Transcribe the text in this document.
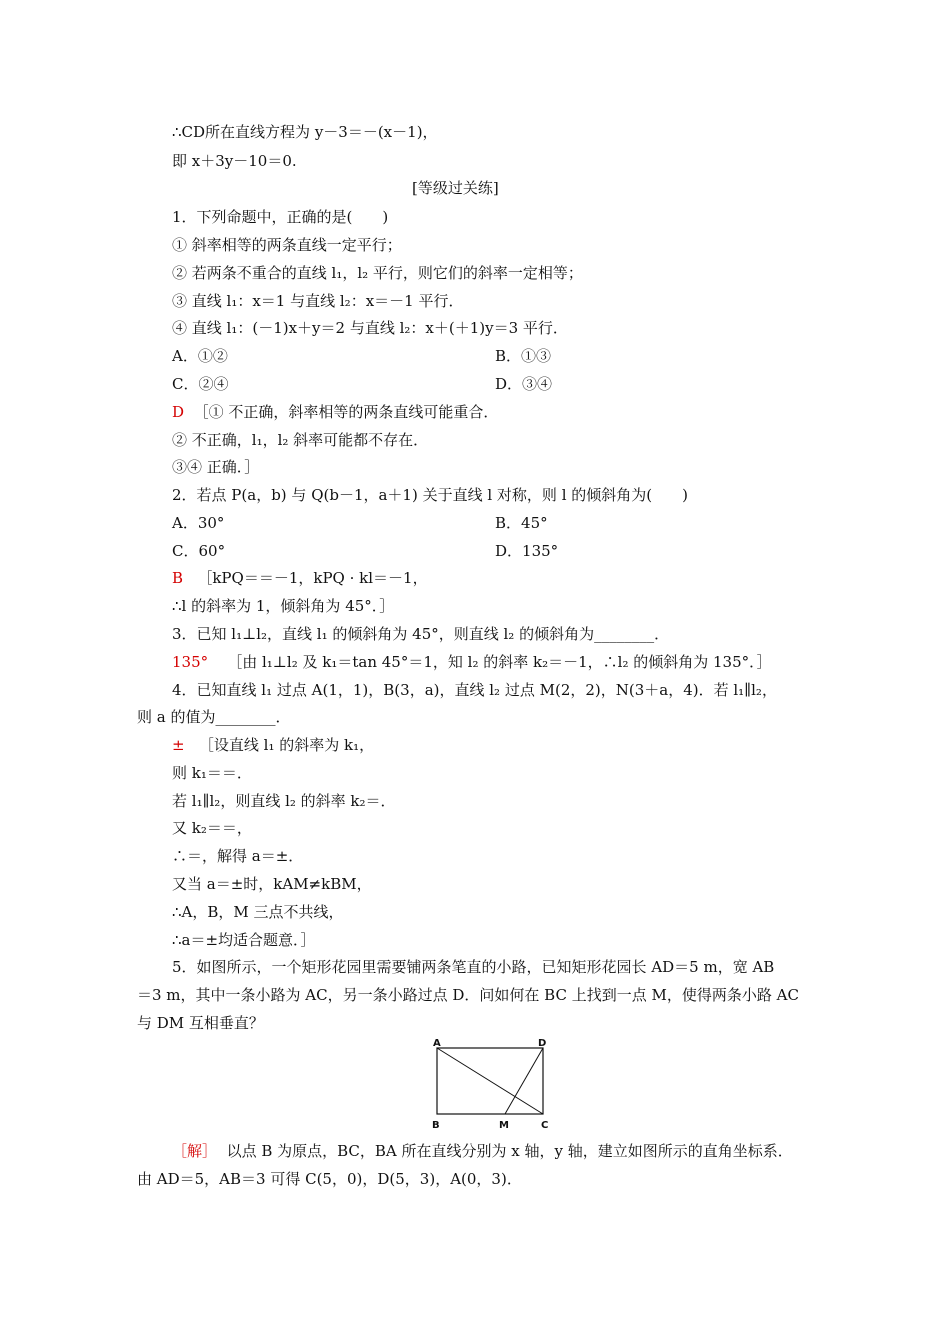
∴CD所在直线方程为 y－3＝－(x－1)，
即 x＋3y－10＝0.
[等级过关练]
1．下列命题中，正确的是(　　)
① 斜率相等的两条直线一定平行；
② 若两条不重合的直线 l₁，l₂ 平行，则它们的斜率一定相等；
③ 直线 l₁：x＝1 与直线 l₂：x＝－1 平行．
④ 直线 l₁：(－1)x＋y＝2 与直线 l₂：x＋(＋1)y＝3 平行．
A．①②	B．①③
C．②④	D．③④
D ［① 不正确，斜率相等的两条直线可能重合．
② 不正确，l₁，l₂ 斜率可能都不存在．
③④ 正确．］
2．若点 P(a，b) 与 Q(b－1，a＋1) 关于直线 l 对称，则 l 的倾斜角为(　　)
A．30°	B．45°
C．60°	D．135°
B ［kPQ＝＝－1，kPQ · kl＝－1，
∴l 的斜率为 1，倾斜角为 45°．］
3．已知 l₁⊥l₂，直线 l₁ 的倾斜角为 45°，则直线 l₂ 的倾斜角为________．
135° ［由 l₁⊥l₂ 及 k₁＝tan 45°＝1，知 l₂ 的斜率 k₂＝－1，∴l₂ 的倾斜角为 135°．］
4．已知直线 l₁ 过点 A(1，1)，B(3，a)，直线 l₂ 过点 M(2，2)，N(3＋a，4)．若 l₁∥l₂，
则 a 的值为________．
± ［设直线 l₁ 的斜率为 k₁，
则 k₁＝＝．
若 l₁∥l₂，则直线 l₂ 的斜率 k₂＝．
又 k₂＝＝，
∴＝，解得 a＝±．
又当 a＝±时，kAM≠kBM，
∴A，B，M 三点不共线，
∴a＝±均适合题意．］
5．如图所示，一个矩形花园里需要铺两条笔直的小路，已知矩形花园长 AD＝5 m，宽 AB
＝3 m，其中一条小路为 AC，另一条小路过点 D．问如何在 BC 上找到一点 M，使得两条小路 AC
与 DM 互相垂直？
A	D
B	M	C
［解］ 以点 B 为原点，BC，BA 所在直线分别为 x 轴，y 轴，建立如图所示的直角坐标系．
由 AD＝5，AB＝3 可得 C(5，0)，D(5，3)，A(0，3)．
